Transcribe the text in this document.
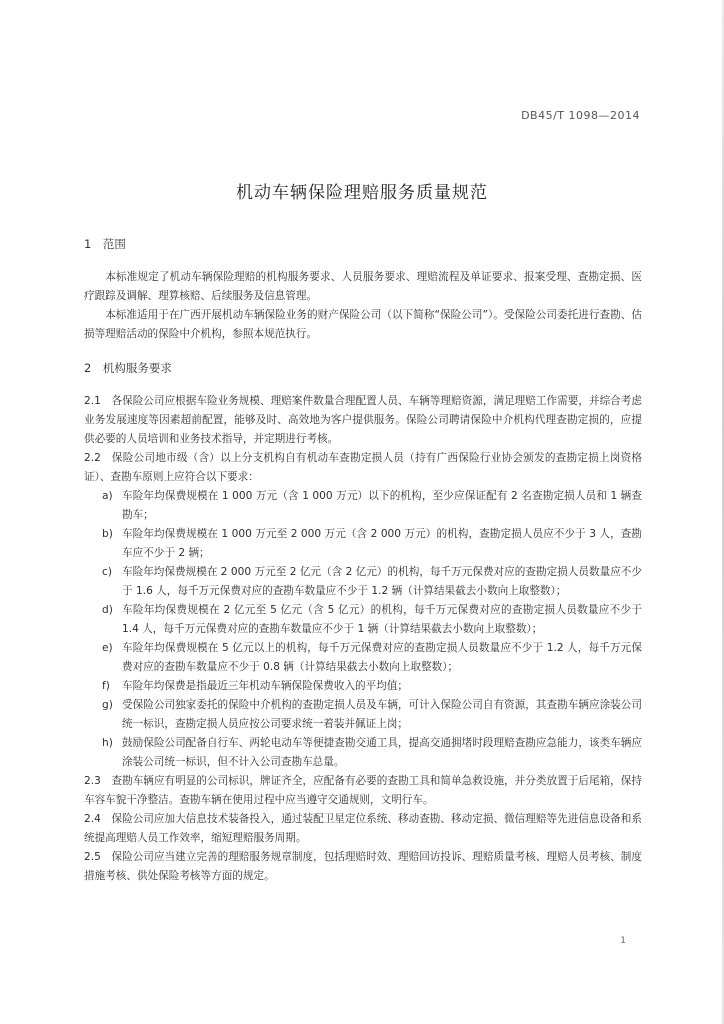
DB45/T 1098—2014
机动车辆保险理赔服务质量规范
1　范围

本标准规定了机动车辆保险理赔的机构服务要求、人员服务要求、理赔流程及单证要求、报案受理、查勘定损、医疗跟踪及调解、理算核赔、后续服务及信息管理。

本标准适用于在广西开展机动车辆保险业务的财产保险公司（以下简称“保险公司”）。受保险公司委托进行查勘、估损等理赔活动的保险中介机构，参照本规范执行。

2　机构服务要求

2.1　各保险公司应根据车险业务规模、理赔案件数量合理配置人员、车辆等理赔资源，满足理赔工作需要，并综合考虑业务发展速度等因素超前配置，能够及时、高效地为客户提供服务。保险公司聘请保险中介机构代理查勘定损的，应提供必要的人员培训和业务技术指导，并定期进行考核。

2.2　保险公司地市级（含）以上分支机构自有机动车查勘定损人员（持有广西保险行业协会颁发的查勘定损上岗资格证）、查勘车原则上应符合以下要求：

a) 车险年均保费规模在 1 000 万元（含 1 000 万元）以下的机构，至少应保证配有 2 名查勘定损人员和 1 辆查勘车；
b) 车险年均保费规模在 1 000 万元至 2 000 万元（含 2 000 万元）的机构，查勘定损人员应不少于 3 人，查勘车应不少于 2 辆；
c) 车险年均保费规模在 2 000 万元至 2 亿元（含 2 亿元）的机构，每千万元保费对应的查勘定损人员数量应不少于 1.6 人，每千万元保费对应的查勘车数量应不少于 1.2 辆（计算结果截去小数向上取整数）；
d) 车险年均保费规模在 2 亿元至 5 亿元（含 5 亿元）的机构，每千万元保费对应的查勘定损人员数量应不少于 1.4 人，每千万元保费对应的查勘车数量应不少于 1 辆（计算结果截去小数向上取整数）；
e) 车险年均保费规模在 5 亿元以上的机构，每千万元保费对应的查勘定损人员数量应不少于 1.2 人，每千万元保费对应的查勘车数量应不少于 0.8 辆（计算结果截去小数向上取整数）；
f) 车险年均保费是指最近三年机动车辆保险保费收入的平均值；
g) 受保险公司独家委托的保险中介机构的查勘定损人员及车辆，可计入保险公司自有资源，其查勘车辆应涂装公司统一标识，查勘定损人员应按公司要求统一着装并佩证上岗；
h) 鼓励保险公司配备自行车、两轮电动车等便捷查勘交通工具，提高交通拥堵时段理赔查勘应急能力，该类车辆应涂装公司统一标识，但不计入公司查勘车总量。

2.3　查勘车辆应有明显的公司标识，牌证齐全，应配备有必要的查勘工具和简单急救设施，并分类放置于后尾箱，保持车容车貌干净整洁。查勘车辆在使用过程中应当遵守交通规则，文明行车。

2.4　保险公司应加大信息技术装备投入，通过装配卫星定位系统、移动查勘、移动定损、微信理赔等先进信息设备和系统提高理赔人员工作效率，缩短理赔服务周期。

2.5　保险公司应当建立完善的理赔服务规章制度，包括理赔时效、理赔回访投诉、理赔质量考核、理赔人员考核、制度措施考核、供处保险考核等方面的规定。

1
